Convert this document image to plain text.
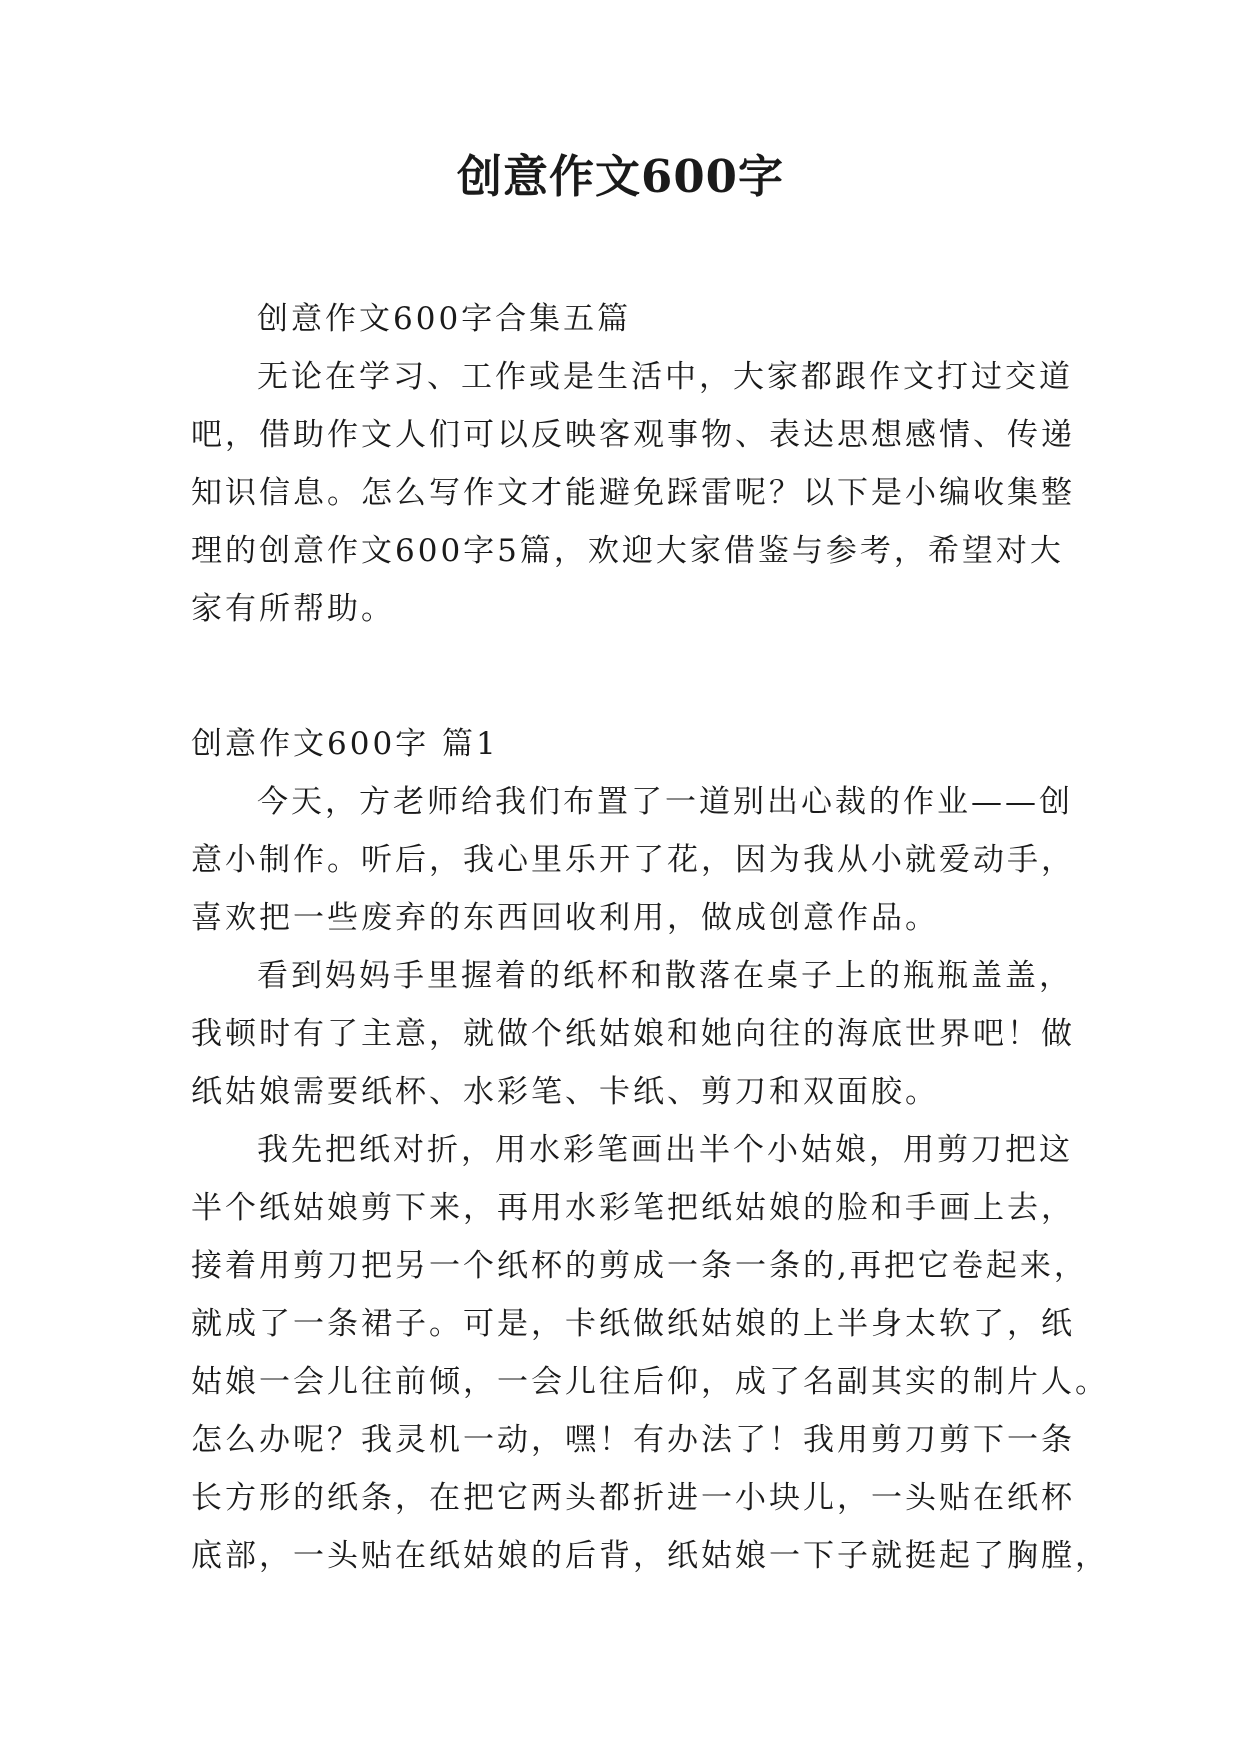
创意作文600字
创意作文600字合集五篇
无论在学习、工作或是生活中，大家都跟作文打过交道
吧，借助作文人们可以反映客观事物、表达思想感情、传递
知识信息。怎么写作文才能避免踩雷呢？以下是小编收集整
理的创意作文600字5篇，欢迎大家借鉴与参考，希望对大
家有所帮助。
创意作文600字 篇1
今天，方老师给我们布置了一道别出心裁的作业——创
意小制作。听后，我心里乐开了花，因为我从小就爱动手，
喜欢把一些废弃的东西回收利用，做成创意作品。
看到妈妈手里握着的纸杯和散落在桌子上的瓶瓶盖盖，
我顿时有了主意，就做个纸姑娘和她向往的海底世界吧！做
纸姑娘需要纸杯、水彩笔、卡纸、剪刀和双面胶。
我先把纸对折，用水彩笔画出半个小姑娘，用剪刀把这
半个纸姑娘剪下来，再用水彩笔把纸姑娘的脸和手画上去，
接着用剪刀把另一个纸杯的剪成一条一条的,再把它卷起来，
就成了一条裙子。可是，卡纸做纸姑娘的上半身太软了，纸
姑娘一会儿往前倾，一会儿往后仰，成了名副其实的制片人。
怎么办呢？我灵机一动，嘿！有办法了！我用剪刀剪下一条
长方形的纸条，在把它两头都折进一小块儿，一头贴在纸杯
底部，一头贴在纸姑娘的后背，纸姑娘一下子就挺起了胸膛，
